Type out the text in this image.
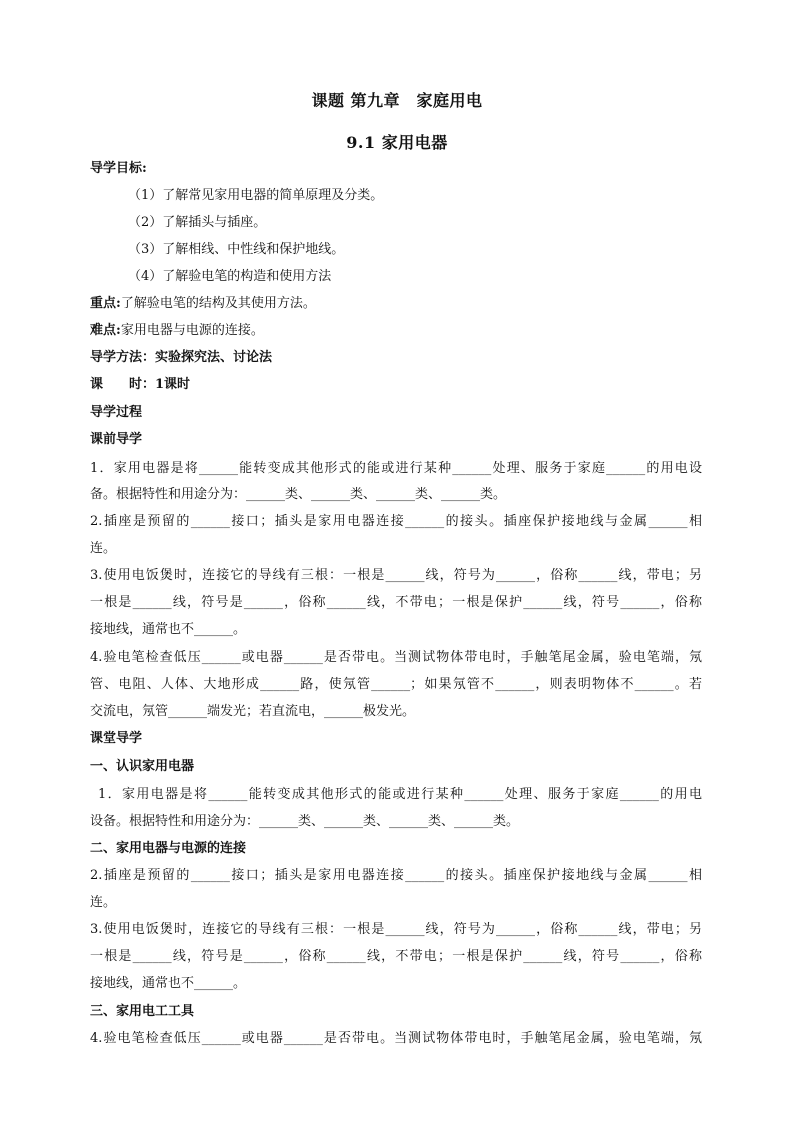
课题 第九章　家庭用电
9.1 家用电器
导学目标:
（1）了解常见家用电器的简单原理及分类。
（2）了解插头与插座。
（3）了解相线、中性线和保护地线。
（4）了解验电笔的构造和使用方法
重点:了解验电笔的结构及其使用方法。
难点:家用电器与电源的连接。
导学方法：实验探究法、讨论法
课　　时：1课时
导学过程
课前导学
1．家用电器是将______能转变成其他形式的能或进行某种______处理、服务于家庭______的用电设
备。根据特性和用途分为：______类、______类、______类、______类。
2.插座是预留的______接口；插头是家用电器连接______的接头。插座保护接地线与金属______相
连。
3.使用电饭煲时，连接它的导线有三根：一根是______线，符号为______，俗称______线，带电；另
一根是______线，符号是______，俗称______线，不带电；一根是保护______线，符号______，俗称
接地线，通常也不______。
4.验电笔检查低压______或电器______是否带电。当测试物体带电时，手触笔尾金属，验电笔端，氖
管、电阻、人体、大地形成______路，使氖管______；如果氖管不______，则表明物体不______。若
交流电，氖管______端发光；若直流电，______极发光。
课堂导学
一、认识家用电器
1．家用电器是将______能转变成其他形式的能或进行某种______处理、服务于家庭______的用电
设备。根据特性和用途分为：______类、______类、______类、______类。
二、家用电器与电源的连接
2.插座是预留的______接口；插头是家用电器连接______的接头。插座保护接地线与金属______相
连。
3.使用电饭煲时，连接它的导线有三根：一根是______线，符号为______，俗称______线，带电；另
一根是______线，符号是______，俗称______线，不带电；一根是保护______线，符号______，俗称
接地线，通常也不______。
三、家用电工工具
4.验电笔检查低压______或电器______是否带电。当测试物体带电时，手触笔尾金属，验电笔端，氖
